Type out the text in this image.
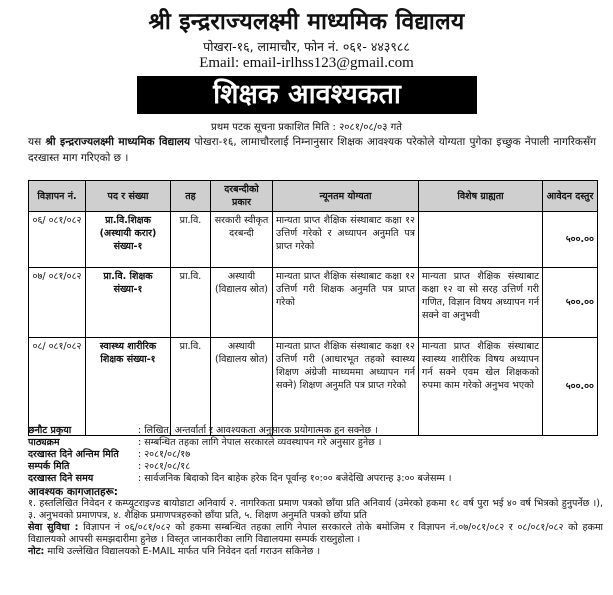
श्री इन्द्रराज्यलक्ष्मी माध्यमिक विद्यालय
पोखरा-१६, लामाचौर, फोन नं. ०६१- ४४३९८८
Email: email-irlhss123@gmail.com
शिक्षक आवश्यकता
प्रथम पटक सूचना प्रकाशित मिति : २०८१/०८/०३ गते
यस श्री इन्द्रराज्यलक्ष्मी माध्यमिक विद्यालय पोखरा-१६, लामाचौरलाई निम्नानुसार शिक्षक आवश्यक परेकोले योग्यता पुगेका इच्छुक नेपाली नागरिकसँग दरखास्त माग गरिएको छ ।
विज्ञापन नं.	पद र संख्या	तह	दरबन्दीको प्रकार	न्यूनतम योग्यता	विशेष ग्राह्यता	आवेदन दस्तुर
०६/ ०८१/०८२	प्रा.वि.शिक्षक (अस्थायी करार) संख्या-१	प्रा.वि.	सरकारी स्वीकृत दरबन्दी	मान्यता प्राप्त शैक्षिक संस्थाबाट कक्षा १२ उत्तिर्ण गरेको र अध्यापन अनुमति पत्र प्राप्त गरेको		५००.००
०७/ ०८१/०८२	प्रा.वि. शिक्षक संख्या-१	प्रा.वि.	अस्थायी (विद्यालय स्रोत)	मान्यता प्राप्त शैक्षिक संस्थाबाट कक्षा १२ उत्तिर्ण गरी शिक्षक अनुमति पत्र प्राप्त गरेको	मान्यता प्राप्त शैक्षिक संस्थाबाट कक्षा १२ वा सो सरह उत्तिर्ण गरी गणित, विज्ञान विषय अध्यापन गर्न सक्ने वा अनुभवी	५००.००
०८/ ०८१/०८२	स्वास्थ्य शारीरिक शिक्षक संख्या-१	प्रा.वि.	अस्थायी (विद्यालय स्रोत)	मान्यता प्राप्त शैक्षिक संस्थाबाट कक्षा १२ उत्तिर्ण गरी (आधारभूत तहको स्वास्थ्य शिक्षण अंग्रेजी माध्यममा अध्यापन गर्न सक्ने) शिक्षण अनुमति पत्र प्राप्त गरेको	मान्यता प्राप्त शैक्षिक संस्थाबाट स्वास्थ्य शारीरिक विषय अध्यापन गर्न सक्ने एवम खेल शिक्षकको रुपमा काम गरेको अनुभव भएको	५००.००
छनौट प्रकृया	: लिखित, अन्तर्वार्ता र आवश्यकता अनुसारक प्रयोगात्मक हुन सक्नेछ ।
पाठ्यक्रम	: सम्बन्धित तहका लागि नेपाल सरकारले व्यवस्थापन गरे अनुसार हुनेछ ।
दरखास्त दिने अन्तिम मिति	: २०८१/०८/१७
सम्पर्क मिति	: २०८१/०८/१८
दरखास्त दिने समय	: सार्वजनिक बिदाको दिन बाहेक हरेक दिन पूर्वान्ह १०:०० बजेदेखि अपरान्ह ३:०० बजेसम्म ।
आवश्यक कागजातहरू:
१. हस्तलिखित निवेदन र कम्प्युटराइज्ड बायोडाटा अनिवार्य २. नागरिकता प्रमाण पत्रको छाँया प्रति अनिवार्य (उमेरको हकमा १८ वर्ष पुरा भई ४० वर्ष भित्रको हुनुपर्नेछ ।), ३. अनुभवको प्रमाणपत्र, ४. शैक्षिक प्रमाणपत्रहरुको छाँया प्रति, ५. शिक्षण अनुमति पत्रको छाँया प्रति
सेवा सुविधा : विज्ञापन नं ०६/०८१/०८२ को हकमा सम्बन्धित तहका लागि नेपाल सरकारले तोके बमोजिम र विज्ञापन नं.०७/०८१/०८२ र ०८/०८१/०८२ को हकमा विद्यालयको आपसी समझदारीमा हुनेछ । विस्तृत जानकारीका लागि विद्यालयमा सम्पर्क राख्नुहोला ।
नोट: माथि उल्लेखित विद्यालयको E-MAIL मार्फत पनि निवेदन दर्ता गराउन सकिनेछ ।
